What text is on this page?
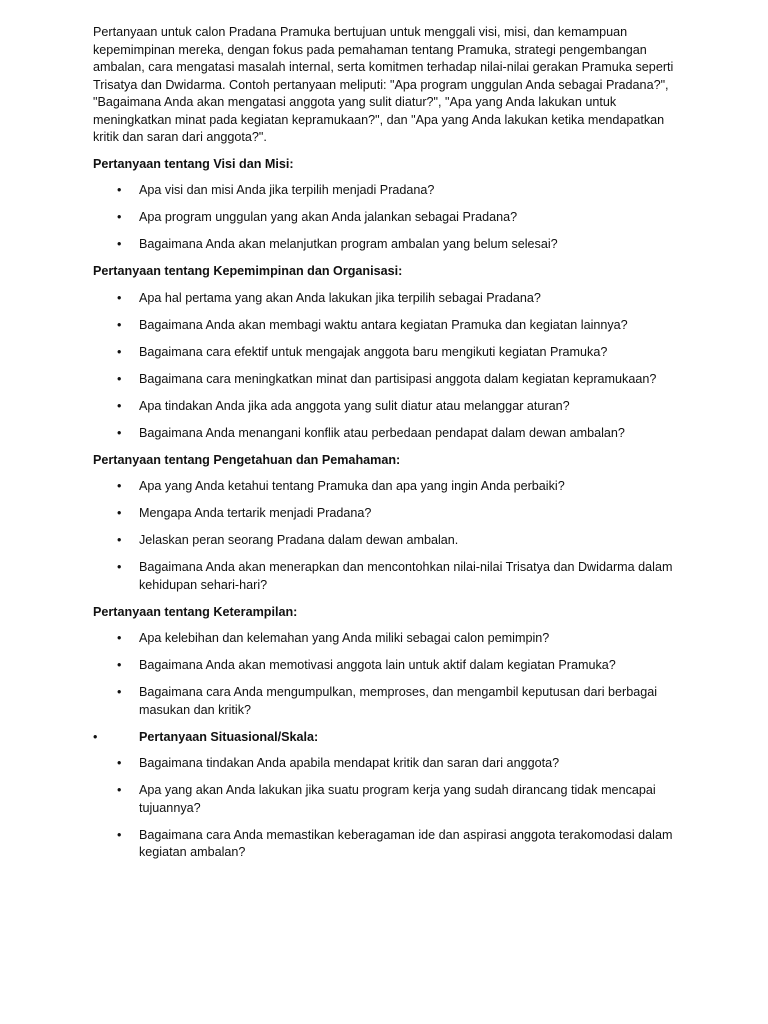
Pertanyaan untuk calon Pradana Pramuka bertujuan untuk menggali visi, misi, dan kemampuan kepemimpinan mereka, dengan fokus pada pemahaman tentang Pramuka, strategi pengembangan ambalan, cara mengatasi masalah internal, serta komitmen terhadap nilai-nilai gerakan Pramuka seperti Trisatya dan Dwidarma. Contoh pertanyaan meliputi: "Apa program unggulan Anda sebagai Pradana?", "Bagaimana Anda akan mengatasi anggota yang sulit diatur?", "Apa yang Anda lakukan untuk meningkatkan minat pada kegiatan kepramukaan?", dan "Apa yang Anda lakukan ketika mendapatkan kritik dan saran dari anggota?".

Pertanyaan tentang Visi dan Misi:

• Apa visi dan misi Anda jika terpilih menjadi Pradana?
• Apa program unggulan yang akan Anda jalankan sebagai Pradana?
• Bagaimana Anda akan melanjutkan program ambalan yang belum selesai?

Pertanyaan tentang Kepemimpinan dan Organisasi:

• Apa hal pertama yang akan Anda lakukan jika terpilih sebagai Pradana?
• Bagaimana Anda akan membagi waktu antara kegiatan Pramuka dan kegiatan lainnya?
• Bagaimana cara efektif untuk mengajak anggota baru mengikuti kegiatan Pramuka?
• Bagaimana cara meningkatkan minat dan partisipasi anggota dalam kegiatan kepramukaan?
• Apa tindakan Anda jika ada anggota yang sulit diatur atau melanggar aturan?
• Bagaimana Anda menangani konflik atau perbedaan pendapat dalam dewan ambalan?

Pertanyaan tentang Pengetahuan dan Pemahaman:

• Apa yang Anda ketahui tentang Pramuka dan apa yang ingin Anda perbaiki?
• Mengapa Anda tertarik menjadi Pradana?
• Jelaskan peran seorang Pradana dalam dewan ambalan.
• Bagaimana Anda akan menerapkan dan mencontohkan nilai-nilai Trisatya dan Dwidarma dalam kehidupan sehari-hari?

Pertanyaan tentang Keterampilan:

• Apa kelebihan dan kelemahan yang Anda miliki sebagai calon pemimpin?
• Bagaimana Anda akan memotivasi anggota lain untuk aktif dalam kegiatan Pramuka?
• Bagaimana cara Anda mengumpulkan, memproses, dan mengambil keputusan dari berbagai masukan dan kritik?

• Pertanyaan Situasional/Skala:

• Bagaimana tindakan Anda apabila mendapat kritik dan saran dari anggota?
• Apa yang akan Anda lakukan jika suatu program kerja yang sudah dirancang tidak mencapai tujuannya?
• Bagaimana cara Anda memastikan keberagaman ide dan aspirasi anggota terakomodasi dalam kegiatan ambalan?
